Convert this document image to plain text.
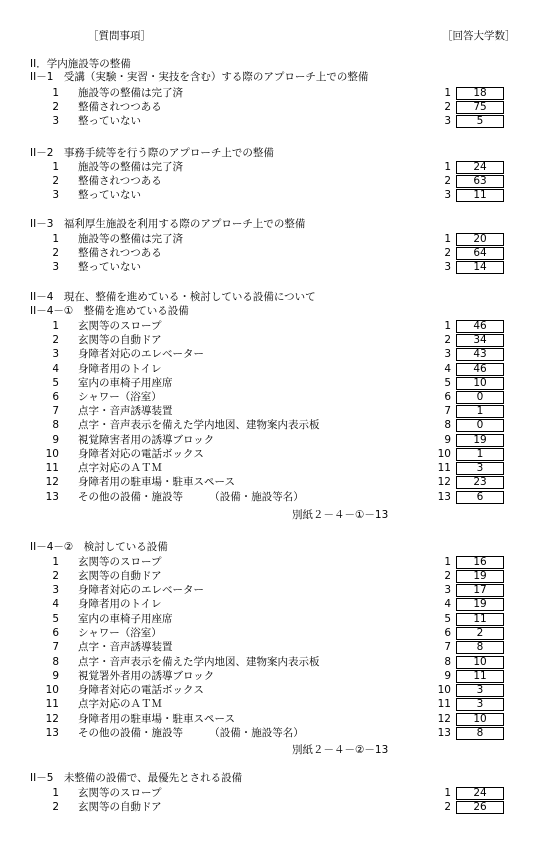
［質問事項］	［回答大学数］
II．学内施設等の整備
II－1　受講（実験・実習・実技を含む）する際のアプローチ上での整備
1 施設等の整備は完了済	1	18
2 整備されつつある	2	75
3 整っていない	3	5
II－2　事務手続等を行う際のアプローチ上での整備
1 施設等の整備は完了済	1	24
2 整備されつつある	2	63
3 整っていない	3	11
II－3　福利厚生施設を利用する際のアプローチ上での整備
1 施設等の整備は完了済	1	20
2 整備されつつある	2	64
3 整っていない	3	14
II－4　現在、整備を進めている・検討している設備について
II－4－①　整備を進めている設備
1 玄関等のスロープ	1	46
2 玄関等の自動ドア	2	34
3 身障者対応のエレベーター	3	43
4 身障者用のトイレ	4	46
5 室内の車椅子用座席	5	10
6 シャワー（浴室）	6	0
7 点字・音声誘導装置	7	1
8 点字・音声表示を備えた学内地図、建物案内表示板	8	0
9 視覚障害者用の誘導ブロック	9	19
10 身障者対応の電話ボックス	10	1
11 点字対応のＡＴＭ	11	3
12 身障者用の駐車場・駐車スペース	12	23
13 その他の設備・施設等　　　（設備・施設等名）	13	6
別紙２－４－①－13
II－4－②　検討している設備
1 玄関等のスロープ	1	16
2 玄関等の自動ドア	2	19
3 身障者対応のエレベーター	3	17
4 身障者用のトイレ	4	19
5 室内の車椅子用座席	5	11
6 シャワー（浴室）	6	2
7 点字・音声誘導装置	7	8
8 点字・音声表示を備えた学内地図、建物案内表示板	8	10
9 視覚署外者用の誘導ブロック	9	11
10 身障者対応の電話ボックス	10	3
11 点字対応のＡＴＭ	11	3
12 身障者用の駐車場・駐車スペース	12	10
13 その他の設備・施設等　　　（設備・施設等名）	13	8
別紙２－４－②－13
II－5　未整備の設備で、最優先とされる設備
1 玄関等のスロープ	1	24
2 玄関等の自動ドア	2	26
